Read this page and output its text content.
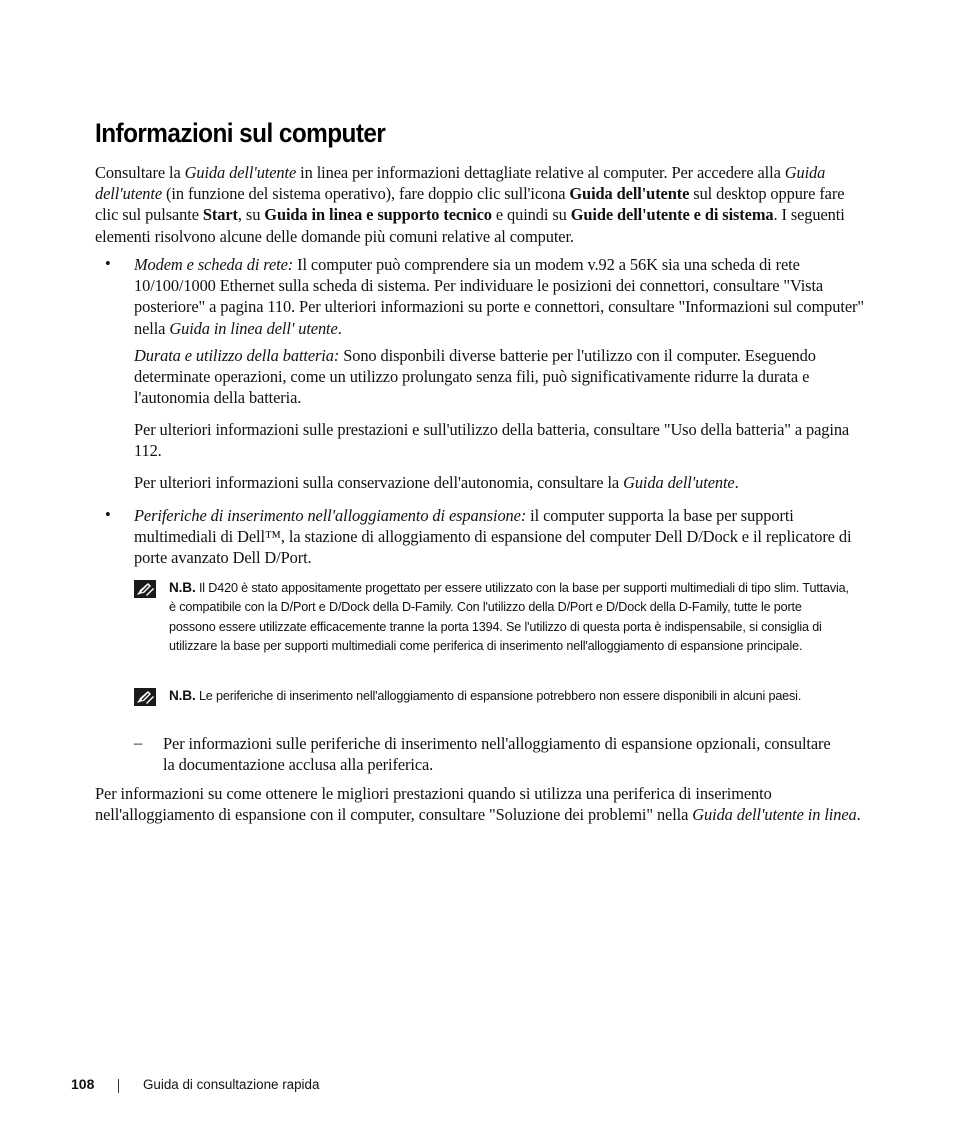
Informazioni sul computer

Consultare la Guida dell'utente in linea per informazioni dettagliate relative al computer. Per accedere alla Guida dell'utente (in funzione del sistema operativo), fare doppio clic sull'icona Guida dell'utente sul desktop oppure fare clic sul pulsante Start, su Guida in linea e supporto tecnico e quindi su Guide dell'utente e di sistema. I seguenti elementi risolvono alcune delle domande più comuni relative al computer.

• Modem e scheda di rete: Il computer può comprendere sia un modem v.92 a 56K sia una scheda di rete 10/100/1000 Ethernet sulla scheda di sistema. Per individuare le posizioni dei connettori, consultare "Vista posteriore" a pagina 110. Per ulteriori informazioni su porte e connettori, consultare "Informazioni sul computer" nella Guida in linea dell' utente.

Durata e utilizzo della batteria: Sono disponbili diverse batterie per l'utilizzo con il computer. Eseguendo determinate operazioni, come un utilizzo prolungato senza fili, può significativamente ridurre la durata e l'autonomia della batteria.

Per ulteriori informazioni sulle prestazioni e sull'utilizzo della batteria, consultare "Uso della batteria" a pagina 112.

Per ulteriori informazioni sulla conservazione dell'autonomia, consultare la Guida dell'utente.

• Periferiche di inserimento nell'alloggiamento di espansione: il computer supporta la base per supporti multimediali di Dell™, la stazione di alloggiamento di espansione del computer Dell D/Dock e il replicatore di porte avanzato Dell D/Port.

N.B. Il D420 è stato appositamente progettato per essere utilizzato con la base per supporti multimediali di tipo slim. Tuttavia, è compatibile con la D/Port e D/Dock della D-Family. Con l'utilizzo della D/Port e D/Dock della D-Family, tutte le porte possono essere utilizzate efficacemente tranne la porta 1394. Se l'utilizzo di questa porta è indispensabile, si consiglia di utilizzare la base per supporti multimediali come periferica di inserimento nell'alloggiamento di espansione principale.

N.B. Le periferiche di inserimento nell'alloggiamento di espansione potrebbero non essere disponibili in alcuni paesi.

– Per informazioni sulle periferiche di inserimento nell'alloggiamento di espansione opzionali, consultare la documentazione acclusa alla periferica.

Per informazioni su come ottenere le migliori prestazioni quando si utilizza una periferica di inserimento nell'alloggiamento di espansione con il computer, consultare "Soluzione dei problemi" nella Guida dell'utente in linea.

108	Guida di consultazione rapida
